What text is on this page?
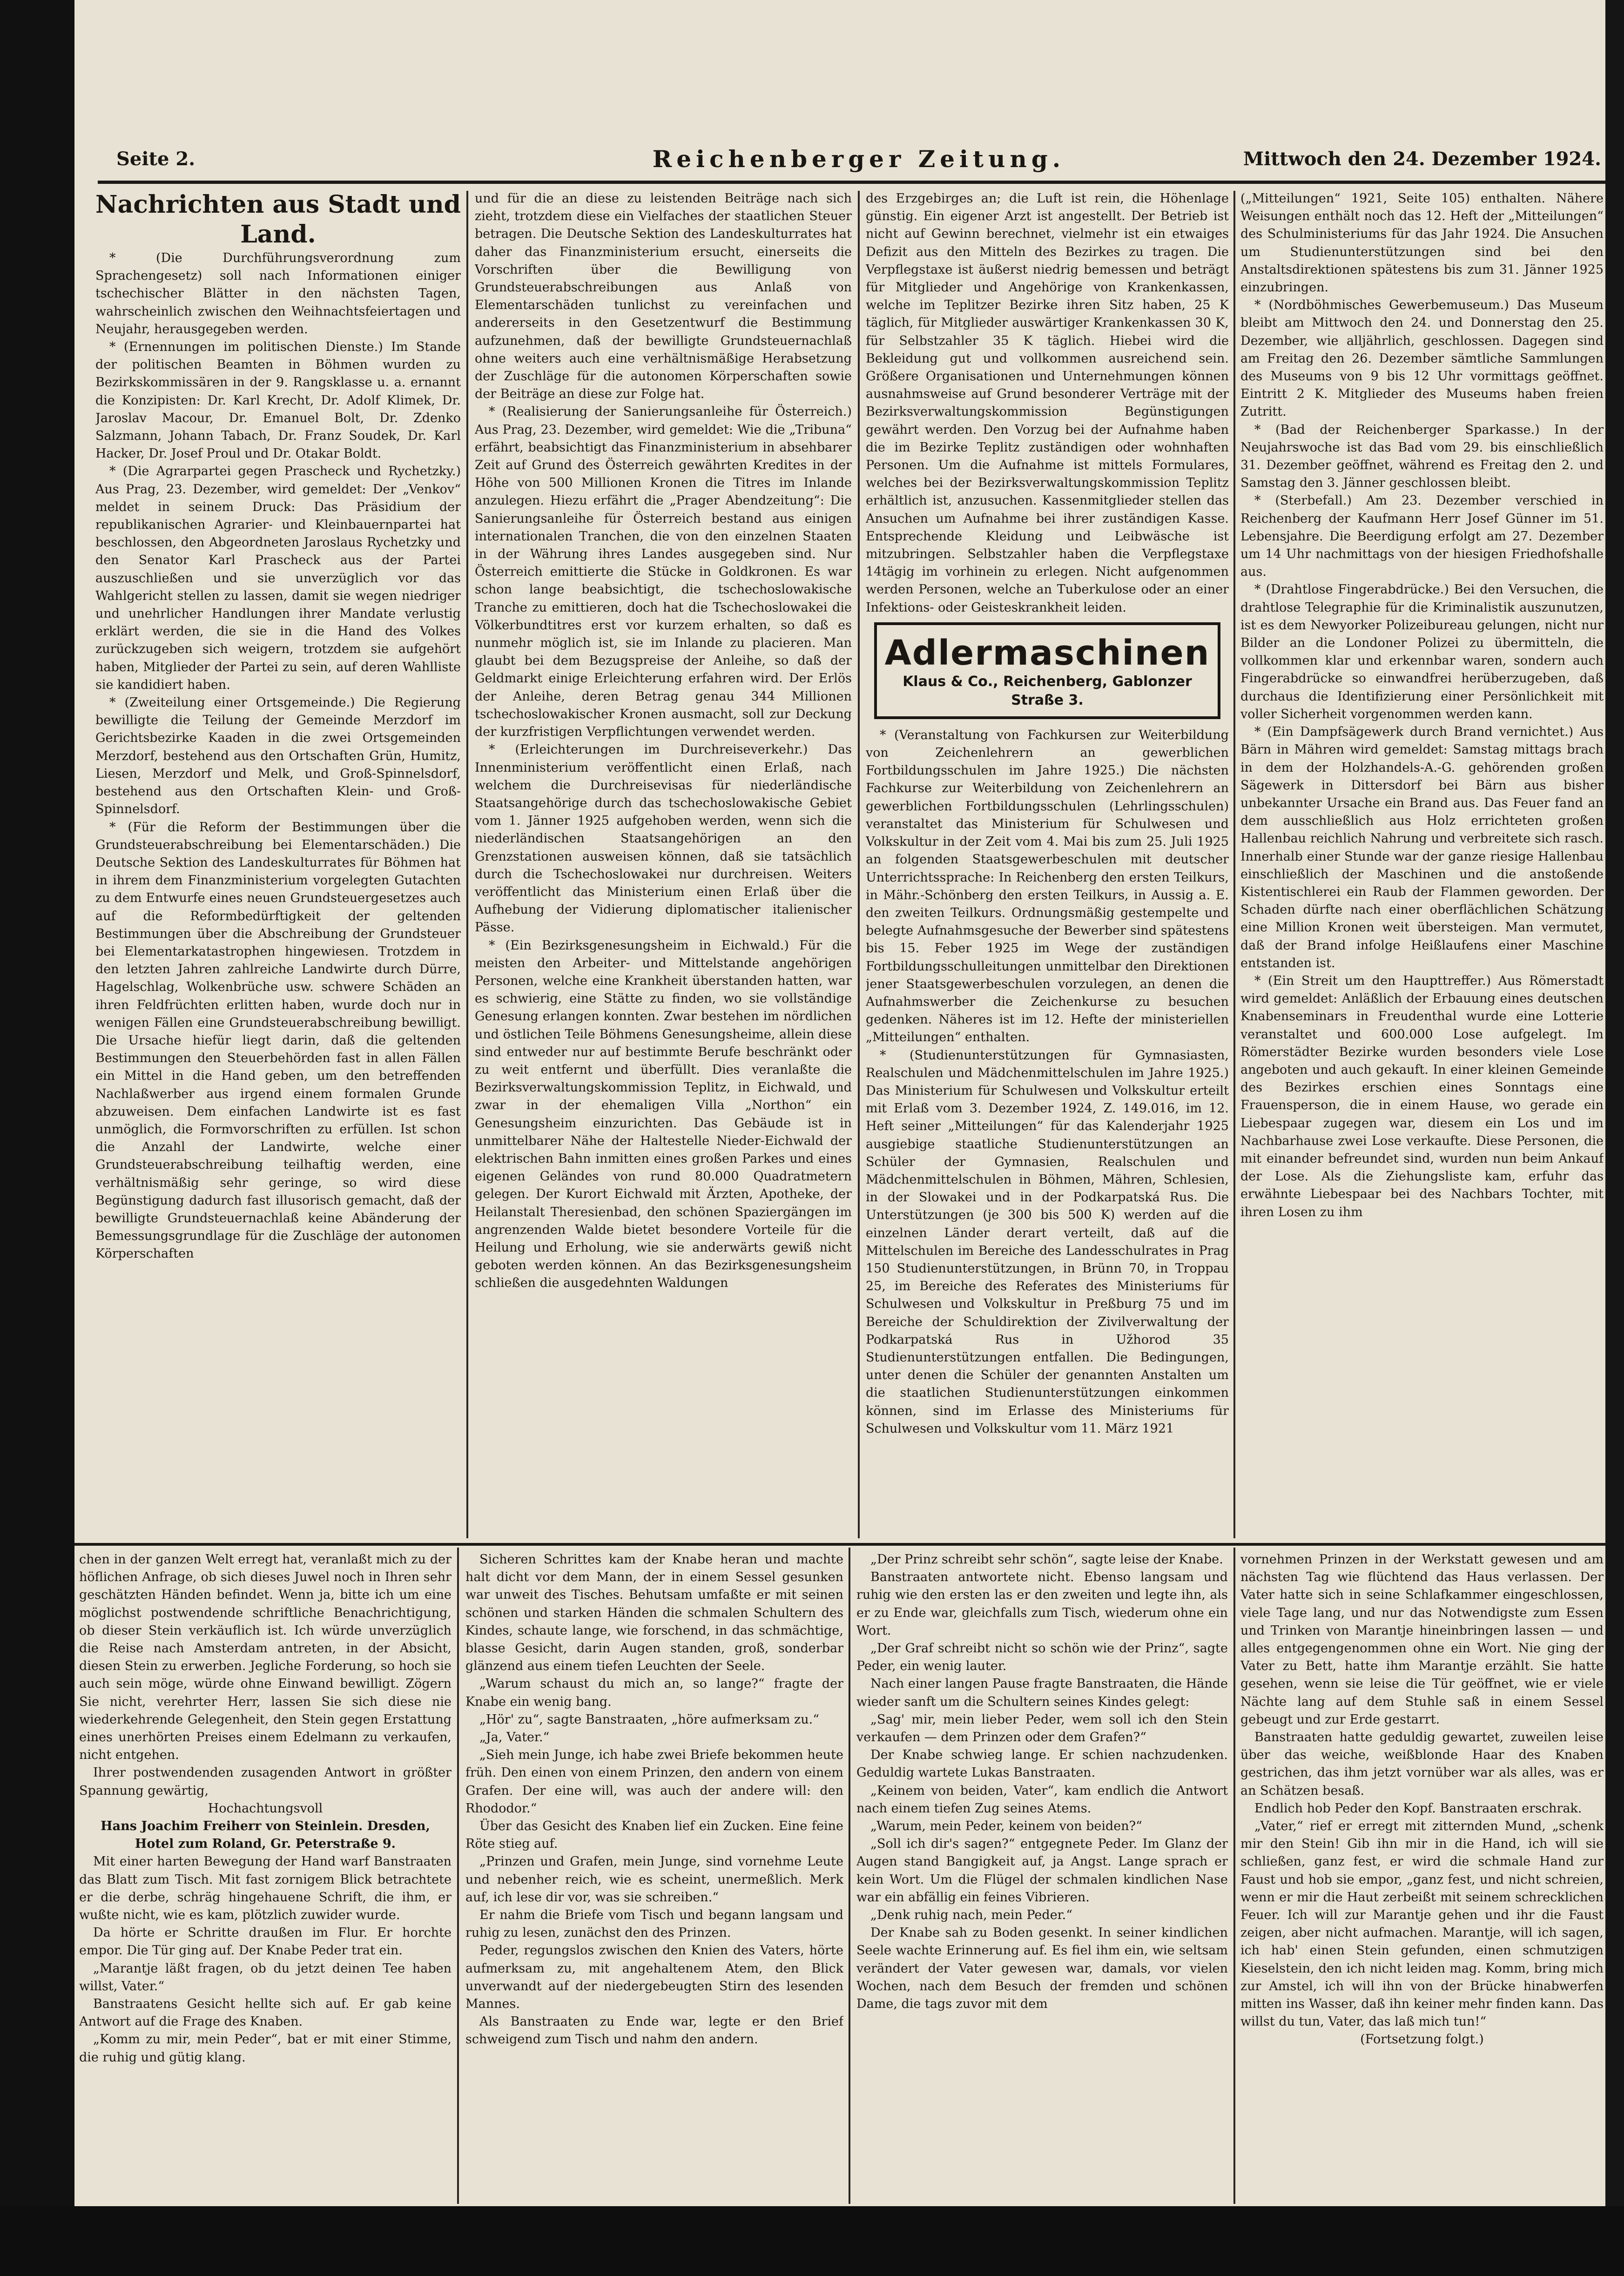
Seite 2.	Reichenberger Zeitung.	Mittwoch den 24. Dezember 1924.

Nachrichten aus Stadt und Land.

* (Die Durchführungsverordnung zum Sprachengesetz) soll nach Informationen einiger tschechischer Blätter in den nächsten Tagen, wahrscheinlich zwischen den Weihnachtsfeiertagen und Neujahr, herausgegeben werden.

* (Ernennungen im politischen Dienste.) Im Stande der politischen Beamten in Böhmen wurden zu Bezirkskommissären in der 9. Rangsklasse u. a. ernannt die Konzipisten: Dr. Karl Krecht, Dr. Adolf Klimek, Dr. Jaroslav Macour, Dr. Emanuel Bolt, Dr. Zdenko Salzmann, Johann Tabach, Dr. Franz Soudek, Dr. Karl Hacker, Dr. Josef Proul und Dr. Otakar Boldt.

* (Die Agrarpartei gegen Prascheck und Rychetzky.) Aus Prag, 23. Dezember, wird gemeldet: Der „Venkov“ meldet in seinem Druck: Das Präsidium der republikanischen Agrarier- und Kleinbauernpartei hat beschlossen, den Abgeordneten Jaroslaus Rychetzky und den Senator Karl Prascheck aus der Partei auszuschließen und sie unverzüglich vor das Wahlgericht stellen zu lassen, damit sie wegen niedriger und unehrlicher Handlungen ihrer Mandate verlustig erklärt werden, die sie in die Hand des Volkes zurückzugeben sich weigern, trotzdem sie aufgehört haben, Mitglieder der Partei zu sein, auf deren Wahlliste sie kandidiert haben.

* (Zweiteilung einer Ortsgemeinde.) Die Regierung bewilligte die Teilung der Gemeinde Merzdorf im Gerichtsbezirke Kaaden in die zwei Ortsgemeinden Merzdorf, bestehend aus den Ortschaften Grün, Humitz, Liesen, Merzdorf und Melk, und Groß-Spinnelsdorf, bestehend aus den Ortschaften Klein- und Groß-Spinnelsdorf.

* (Für die Reform der Bestimmungen über die Grundsteuerabschreibung bei Elementarschäden.) Die Deutsche Sektion des Landeskulturrates für Böhmen hat in ihrem dem Finanzministerium vorgelegten Gutachten zu dem Entwurfe eines neuen Grundsteuergesetzes auch auf die Reformbedürftigkeit der geltenden Bestimmungen über die Abschreibung der Grundsteuer bei Elementarkatastrophen hingewiesen. Trotzdem in den letzten Jahren zahlreiche Landwirte durch Dürre, Hagelschlag, Wolkenbrüche usw. schwere Schäden an ihren Feldfrüchten erlitten haben, wurde doch nur in wenigen Fällen eine Grundsteuerabschreibung bewilligt. Die Ursache hiefür liegt darin, daß die geltenden Bestimmungen den Steuerbehörden fast in allen Fällen ein Mittel in die Hand geben, um den betreffenden Nachlaßwerber aus irgend einem formalen Grunde abzuweisen. Dem einfachen Landwirte ist es fast unmöglich, die Formvorschriften zu erfüllen. Ist schon die Anzahl der Landwirte, welche einer Grundsteuerabschreibung teilhaftig werden, eine verhältnismäßig sehr geringe, so wird diese Begünstigung dadurch fast illusorisch gemacht, daß der bewilligte Grundsteuernachlaß keine Abänderung der Bemessungsgrundlage für die Zuschläge der autonomen Körperschaften

und für die an diese zu leistenden Beiträge nach sich zieht, trotzdem diese ein Vielfaches der staatlichen Steuer betragen. Die Deutsche Sektion des Landeskulturrates hat daher das Finanzministerium ersucht, einerseits die Vorschriften über die Bewilligung von Grundsteuerabschreibungen aus Anlaß von Elementarschäden tunlichst zu vereinfachen und andererseits in den Gesetzentwurf die Bestimmung aufzunehmen, daß der bewilligte Grundsteuernachlaß ohne weiters auch eine verhältnismäßige Herabsetzung der Zuschläge für die autonomen Körperschaften sowie der Beiträge an diese zur Folge hat.

* (Realisierung der Sanierungsanleihe für Österreich.) Aus Prag, 23. Dezember, wird gemeldet: Wie die „Tribuna“ erfährt, beabsichtigt das Finanzministerium in absehbarer Zeit auf Grund des Österreich gewährten Kredites in der Höhe von 500 Millionen Kronen die Titres im Inlande anzulegen. Hiezu erfährt die „Prager Abendzeitung“: Die Sanierungsanleihe für Österreich bestand aus einigen internationalen Tranchen, die von den einzelnen Staaten in der Währung ihres Landes ausgegeben sind. Nur Österreich emittierte die Stücke in Goldkronen. Es war schon lange beabsichtigt, die tschechoslowakische Tranche zu emittieren, doch hat die Tschechoslowakei die Völkerbundtitres erst vor kurzem erhalten, so daß es nunmehr möglich ist, sie im Inlande zu placieren. Man glaubt bei dem Bezugspreise der Anleihe, so daß der Geldmarkt einige Erleichterung erfahren wird. Der Erlös der Anleihe, deren Betrag genau 344 Millionen tschechoslowakischer Kronen ausmacht, soll zur Deckung der kurzfristigen Verpflichtungen verwendet werden.

* (Erleichterungen im Durchreiseverkehr.) Das Innenministerium veröffentlicht einen Erlaß, nach welchem die Durchreisevisas für niederländische Staatsangehörige durch das tschechoslowakische Gebiet vom 1. Jänner 1925 aufgehoben werden, wenn sich die niederländischen Staatsangehörigen an den Grenzstationen ausweisen können, daß sie tatsächlich durch die Tschechoslowakei nur durchreisen. Weiters veröffentlicht das Ministerium einen Erlaß über die Aufhebung der Vidierung diplomatischer italienischer Pässe.

* (Ein Bezirksgenesungsheim in Eichwald.) Für die meisten den Arbeiter- und Mittelstande angehörigen Personen, welche eine Krankheit überstanden hatten, war es schwierig, eine Stätte zu finden, wo sie vollständige Genesung erlangen konnten. Zwar bestehen im nördlichen und östlichen Teile Böhmens Genesungsheime, allein diese sind entweder nur auf bestimmte Berufe beschränkt oder zu weit entfernt und überfüllt. Dies veranlaßte die Bezirksverwaltungskommission Teplitz, in Eichwald, und zwar in der ehemaligen Villa „Northon“ ein Genesungsheim einzurichten. Das Gebäude ist in unmittelbarer Nähe der Haltestelle Nieder-Eichwald der elektrischen Bahn inmitten eines großen Parkes und eines eigenen Geländes von rund 80.000 Quadratmetern gelegen. Der Kurort Eichwald mit Ärzten, Apotheke, der Heilanstalt Theresienbad, den schönen Spaziergängen im angrenzenden Walde bietet besondere Vorteile für die Heilung und Erholung, wie sie anderwärts gewiß nicht geboten werden können. An das Bezirksgenesungsheim schließen die ausgedehnten Waldungen

des Erzgebirges an; die Luft ist rein, die Höhenlage günstig. Ein eigener Arzt ist angestellt. Der Betrieb ist nicht auf Gewinn berechnet, vielmehr ist ein etwaiges Defizit aus den Mitteln des Bezirkes zu tragen. Die Verpflegstaxe ist äußerst niedrig bemessen und beträgt für Mitglieder und Angehörige von Krankenkassen, welche im Teplitzer Bezirke ihren Sitz haben, 25 K täglich, für Mitglieder auswärtiger Krankenkassen 30 K, für Selbstzahler 35 K täglich. Hiebei wird die Bekleidung gut und vollkommen ausreichend sein. Größere Organisationen und Unternehmungen können ausnahmsweise auf Grund besonderer Verträge mit der Bezirksverwaltungskommission Begünstigungen gewährt werden. Den Vorzug bei der Aufnahme haben die im Bezirke Teplitz zuständigen oder wohnhaften Personen. Um die Aufnahme ist mittels Formulares, welches bei der Bezirksverwaltungskommission Teplitz erhältlich ist, anzusuchen. Kassenmitglieder stellen das Ansuchen um Aufnahme bei ihrer zuständigen Kasse. Entsprechende Kleidung und Leibwäsche ist mitzubringen. Selbstzahler haben die Verpflegstaxe 14tägig im vorhinein zu erlegen. Nicht aufgenommen werden Personen, welche an Tuberkulose oder an einer Infektions- oder Geisteskrankheit leiden.

Adlermaschinen
Klaus & Co., Reichenberg, Gablonzer Straße 3.

* (Veranstaltung von Fachkursen zur Weiterbildung von Zeichenlehrern an gewerblichen Fortbildungsschulen im Jahre 1925.) Die nächsten Fachkurse zur Weiterbildung von Zeichenlehrern an gewerblichen Fortbildungsschulen (Lehrlingsschulen) veranstaltet das Ministerium für Schulwesen und Volkskultur in der Zeit vom 4. Mai bis zum 25. Juli 1925 an folgenden Staatsgewerbeschulen mit deutscher Unterrichtssprache: In Reichenberg den ersten Teilkurs, in Mähr.-Schönberg den ersten Teilkurs, in Aussig a. E. den zweiten Teilkurs. Ordnungsmäßig gestempelte und belegte Aufnahmsgesuche der Bewerber sind spätestens bis 15. Feber 1925 im Wege der zuständigen Fortbildungsschulleitungen unmittelbar den Direktionen jener Staatsgewerbeschulen vorzulegen, an denen die Aufnahmswerber die Zeichenkurse zu besuchen gedenken. Näheres ist im 12. Hefte der ministeriellen „Mitteilungen“ enthalten.

* (Studienunterstützungen für Gymnasiasten, Realschulen und Mädchenmittelschulen im Jahre 1925.) Das Ministerium für Schulwesen und Volkskultur erteilt mit Erlaß vom 3. Dezember 1924, Z. 149.016, im 12. Heft seiner „Mitteilungen“ für das Kalenderjahr 1925 ausgiebige staatliche Studienunterstützungen an Schüler der Gymnasien, Realschulen und Mädchenmittelschulen in Böhmen, Mähren, Schlesien, in der Slowakei und in der Podkarpatská Rus. Die Unterstützungen (je 300 bis 500 K) werden auf die einzelnen Länder derart verteilt, daß auf die Mittelschulen im Bereiche des Landesschulrates in Prag 150 Studienunterstützungen, in Brünn 70, in Troppau 25, im Bereiche des Referates des Ministeriums für Schulwesen und Volkskultur in Preßburg 75 und im Bereiche der Schuldirektion der Zivilverwaltung der Podkarpatská Rus in Užhorod 35 Studienunterstützungen entfallen. Die Bedingungen, unter denen die Schüler der genannten Anstalten um die staatlichen Studienunterstützungen einkommen können, sind im Erlasse des Ministeriums für Schulwesen und Volkskultur vom 11. März 1921

(„Mitteilungen“ 1921, Seite 105) enthalten. Nähere Weisungen enthält noch das 12. Heft der „Mitteilungen“ des Schulministeriums für das Jahr 1924. Die Ansuchen um Studienunterstützungen sind bei den Anstaltsdirektionen spätestens bis zum 31. Jänner 1925 einzubringen.

* (Nordböhmisches Gewerbemuseum.) Das Museum bleibt am Mittwoch den 24. und Donnerstag den 25. Dezember, wie alljährlich, geschlossen. Dagegen sind am Freitag den 26. Dezember sämtliche Sammlungen des Museums von 9 bis 12 Uhr vormittags geöffnet. Eintritt 2 K. Mitglieder des Museums haben freien Zutritt.

* (Bad der Reichenberger Sparkasse.) In der Neujahrswoche ist das Bad vom 29. bis einschließlich 31. Dezember geöffnet, während es Freitag den 2. und Samstag den 3. Jänner geschlossen bleibt.

* (Sterbefall.) Am 23. Dezember verschied in Reichenberg der Kaufmann Herr Josef Günner im 51. Lebensjahre. Die Beerdigung erfolgt am 27. Dezember um 14 Uhr nachmittags von der hiesigen Friedhofshalle aus.

* (Drahtlose Fingerabdrücke.) Bei den Versuchen, die drahtlose Telegraphie für die Kriminalistik auszunutzen, ist es dem Newyorker Polizeibureau gelungen, nicht nur Bilder an die Londoner Polizei zu übermitteln, die vollkommen klar und erkennbar waren, sondern auch Fingerabdrücke so einwandfrei herüberzugeben, daß durchaus die Identifizierung einer Persönlichkeit mit voller Sicherheit vorgenommen werden kann.

* (Ein Dampfsägewerk durch Brand vernichtet.) Aus Bärn in Mähren wird gemeldet: Samstag mittags brach in dem der Holzhandels-A.-G. gehörenden großen Sägewerk in Dittersdorf bei Bärn aus bisher unbekannter Ursache ein Brand aus. Das Feuer fand an dem ausschließlich aus Holz errichteten großen Hallenbau reichlich Nahrung und verbreitete sich rasch. Innerhalb einer Stunde war der ganze riesige Hallenbau einschließlich der Maschinen und die anstoßende Kistentischlerei ein Raub der Flammen geworden. Der Schaden dürfte nach einer oberflächlichen Schätzung eine Million Kronen weit übersteigen. Man vermutet, daß der Brand infolge Heißlaufens einer Maschine entstanden ist.

* (Ein Streit um den Haupttreffer.) Aus Römerstadt wird gemeldet: Anläßlich der Erbauung eines deutschen Knabenseminars in Freudenthal wurde eine Lotterie veranstaltet und 600.000 Lose aufgelegt. Im Römerstädter Bezirke wurden besonders viele Lose angeboten und auch gekauft. In einer kleinen Gemeinde des Bezirkes erschien eines Sonntags eine Frauensperson, die in einem Hause, wo gerade ein Liebespaar zugegen war, diesem ein Los und im Nachbarhause zwei Lose verkaufte. Diese Personen, die mit einander befreundet sind, wurden nun beim Ankauf der Lose. Als die Ziehungsliste kam, erfuhr das erwähnte Liebespaar bei des Nachbars Tochter, mit ihren Losen zu ihm

chen in der ganzen Welt erregt hat, veranlaßt mich zu der höflichen Anfrage, ob sich dieses Juwel noch in Ihren sehr geschätzten Händen befindet. Wenn ja, bitte ich um eine möglichst postwendende schriftliche Benachrichtigung, ob dieser Stein verkäuflich ist. Ich würde unverzüglich die Reise nach Amsterdam antreten, in der Absicht, diesen Stein zu erwerben. Jegliche Forderung, so hoch sie auch sein möge, würde ohne Einwand bewilligt. Zögern Sie nicht, verehrter Herr, lassen Sie sich diese nie wiederkehrende Gelegenheit, den Stein gegen Erstattung eines unerhörten Preises einem Edelmann zu verkaufen, nicht entgehen.

Ihrer postwendenden zusagenden Antwort in größter Spannung gewärtig,

Hochachtungsvoll

Hans Joachim Freiherr von Steinlein. Dresden, Hotel zum Roland, Gr. Peterstraße 9.

Mit einer harten Bewegung der Hand warf Banstraaten das Blatt zum Tisch. Mit fast zornigem Blick betrachtete er die derbe, schräg hingehauene Schrift, die ihm, er wußte nicht, wie es kam, plötzlich zuwider wurde.

Da hörte er Schritte draußen im Flur. Er horchte empor. Die Tür ging auf. Der Knabe Peder trat ein.

„Marantje läßt fragen, ob du jetzt deinen Tee haben willst, Vater.“

Banstraatens Gesicht hellte sich auf. Er gab keine Antwort auf die Frage des Knaben.

„Komm zu mir, mein Peder“, bat er mit einer Stimme, die ruhig und gütig klang.

Sicheren Schrittes kam der Knabe heran und machte halt dicht vor dem Mann, der in einem Sessel gesunken war unweit des Tisches. Behutsam umfaßte er mit seinen schönen und starken Händen die schmalen Schultern des Kindes, schaute lange, wie forschend, in das schmächtige, blasse Gesicht, darin Augen standen, groß, sonderbar glänzend aus einem tiefen Leuchten der Seele.

„Warum schaust du mich an, so lange?“ fragte der Knabe ein wenig bang.

„Hör' zu“, sagte Banstraaten, „höre aufmerksam zu.“

„Ja, Vater.“

„Sieh mein Junge, ich habe zwei Briefe bekommen heute früh. Den einen von einem Prinzen, den andern von einem Grafen. Der eine will, was auch der andere will: den Rhododor.“

Über das Gesicht des Knaben lief ein Zucken. Eine feine Röte stieg auf.

„Prinzen und Grafen, mein Junge, sind vornehme Leute und nebenher reich, wie es scheint, unermeßlich. Merk auf, ich lese dir vor, was sie schreiben.“

Er nahm die Briefe vom Tisch und begann langsam und ruhig zu lesen, zunächst den des Prinzen.

Peder, regungslos zwischen den Knien des Vaters, hörte aufmerksam zu, mit angehaltenem Atem, den Blick unverwandt auf der niedergebeugten Stirn des lesenden Mannes.

Als Banstraaten zu Ende war, legte er den Brief schweigend zum Tisch und nahm den andern.

„Der Prinz schreibt sehr schön“, sagte leise der Knabe.

Banstraaten antwortete nicht. Ebenso langsam und ruhig wie den ersten las er den zweiten und legte ihn, als er zu Ende war, gleichfalls zum Tisch, wiederum ohne ein Wort.

„Der Graf schreibt nicht so schön wie der Prinz“, sagte Peder, ein wenig lauter.

Nach einer langen Pause fragte Banstraaten, die Hände wieder sanft um die Schultern seines Kindes gelegt:

„Sag' mir, mein lieber Peder, wem soll ich den Stein verkaufen — dem Prinzen oder dem Grafen?“

Der Knabe schwieg lange. Er schien nachzudenken. Geduldig wartete Lukas Banstraaten.

„Keinem von beiden, Vater“, kam endlich die Antwort nach einem tiefen Zug seines Atems.

„Warum, mein Peder, keinem von beiden?“

„Soll ich dir's sagen?“ entgegnete Peder. Im Glanz der Augen stand Bangigkeit auf, ja Angst. Lange sprach er kein Wort. Um die Flügel der schmalen kindlichen Nase war ein abfällig ein feines Vibrieren.

„Denk ruhig nach, mein Peder.“

Der Knabe sah zu Boden gesenkt. In seiner kindlichen Seele wachte Erinnerung auf. Es fiel ihm ein, wie seltsam verändert der Vater gewesen war, damals, vor vielen Wochen, nach dem Besuch der fremden und schönen Dame, die tags zuvor mit dem

vornehmen Prinzen in der Werkstatt gewesen und am nächsten Tag wie flüchtend das Haus verlassen. Der Vater hatte sich in seine Schlafkammer eingeschlossen, viele Tage lang, und nur das Notwendigste zum Essen und Trinken von Marantje hineinbringen lassen — und alles entgegengenommen ohne ein Wort. Nie ging der Vater zu Bett, hatte ihm Marantje erzählt. Sie hatte gesehen, wenn sie leise die Tür geöffnet, wie er viele Nächte lang auf dem Stuhle saß in einem Sessel gebeugt und zur Erde gestarrt.

Banstraaten hatte geduldig gewartet, zuweilen leise über das weiche, weißblonde Haar des Knaben gestrichen, das ihm jetzt vornüber war als alles, was er an Schätzen besaß.

Endlich hob Peder den Kopf. Banstraaten erschrak.

„Vater,“ rief er erregt mit zitternden Mund, „schenk mir den Stein! Gib ihn mir in die Hand, ich will sie schließen, ganz fest, er wird die schmale Hand zur Faust und hob sie empor, „ganz fest, und nicht schreien, wenn er mir die Haut zerbeißt mit seinem schrecklichen Feuer. Ich will zur Marantje gehen und ihr die Faust zeigen, aber nicht aufmachen. Marantje, will ich sagen, ich hab' einen Stein gefunden, einen schmutzigen Kieselstein, den ich nicht leiden mag. Komm, bring mich zur Amstel, ich will ihn von der Brücke hinabwerfen mitten ins Wasser, daß ihn keiner mehr finden kann. Das willst du tun, Vater, das laß mich tun!“

(Fortsetzung folgt.)
